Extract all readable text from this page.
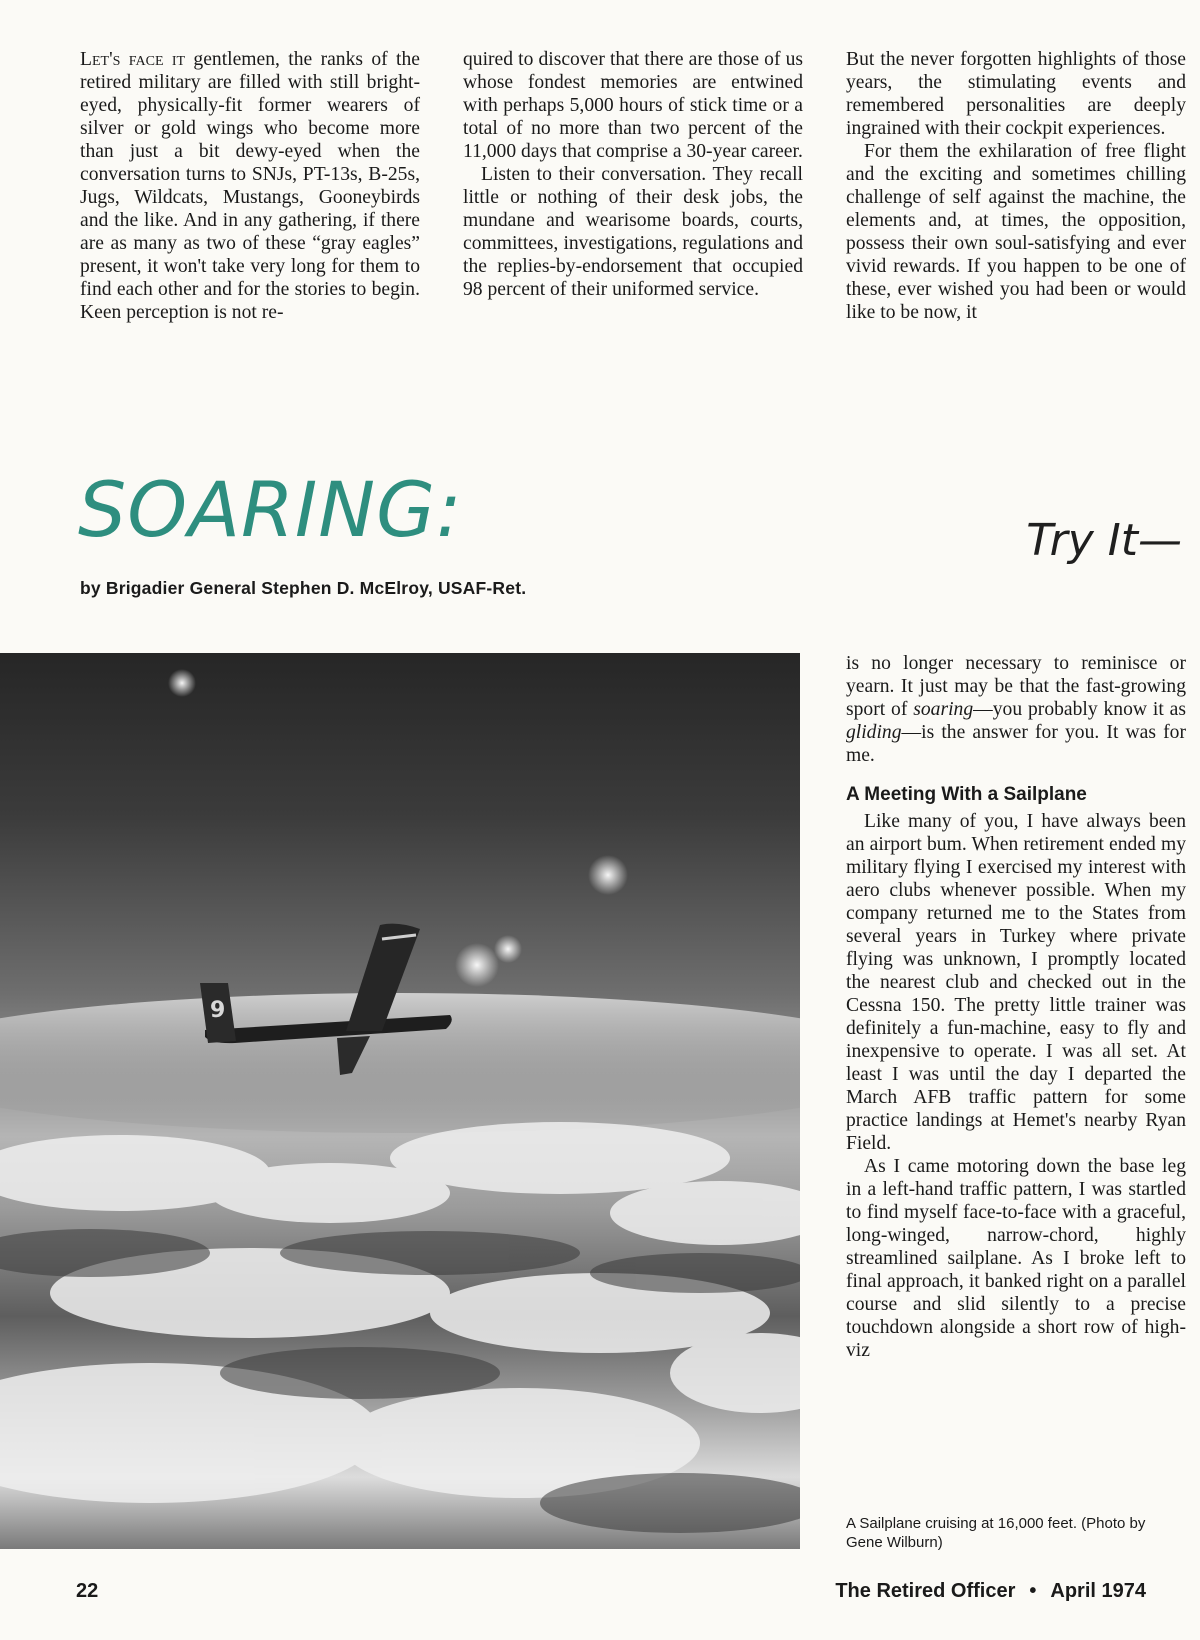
Let's face it gentlemen, the ranks of the retired military are filled with still bright-eyed, physically-fit former wearers of silver or gold wings who become more than just a bit dewy-eyed when the conversation turns to SNJs, PT-13s, B-25s, Jugs, Wildcats, Mustangs, Gooneybirds and the like. And in any gathering, if there are as many as two of these “gray eagles” present, it won't take very long for them to find each other and for the stories to begin. Keen perception is not re-

quired to discover that there are those of us whose fondest memories are entwined with perhaps 5,000 hours of stick time or a total of no more than two percent of the 11,000 days that comprise a 30-year career.

Listen to their conversation. They recall little or nothing of their desk jobs, the mundane and wearisome boards, courts, committees, investigations, regulations and the replies-by-endorsement that occupied 98 percent of their uniformed service.

But the never forgotten highlights of those years, the stimulating events and remembered personalities are deeply ingrained with their cockpit experiences.

For them the exhilaration of free flight and the exciting and sometimes chilling challenge of self against the machine, the elements and, at times, the opposition, possess their own soul-satisfying and ever vivid rewards. If you happen to be one of these, ever wished you had been or would like to be now, it

SOARING:	Try It—

by Brigadier General Stephen D. McElroy, USAF-Ret.

9

is no longer necessary to reminisce or yearn. It just may be that the fast-growing sport of soaring—you probably know it as gliding—is the answer for you. It was for me.

A Meeting With a Sailplane

Like many of you, I have always been an airport bum. When retirement ended my military flying I exercised my interest with aero clubs whenever possible. When my company returned me to the States from several years in Turkey where private flying was unknown, I promptly located the nearest club and checked out in the Cessna 150. The pretty little trainer was definitely a fun-machine, easy to fly and inexpensive to operate. I was all set. At least I was until the day I departed the March AFB traffic pattern for some practice landings at Hemet's nearby Ryan Field.

As I came motoring down the base leg in a left-hand traffic pattern, I was startled to find myself face-to-face with a graceful, long-winged, narrow-chord, highly streamlined sailplane. As I broke left to final approach, it banked right on a parallel course and slid silently to a precise touchdown alongside a short row of high-viz

A Sailplane cruising at 16,000 feet. (Photo by Gene Wilburn)

22	The Retired Officer • April 1974
